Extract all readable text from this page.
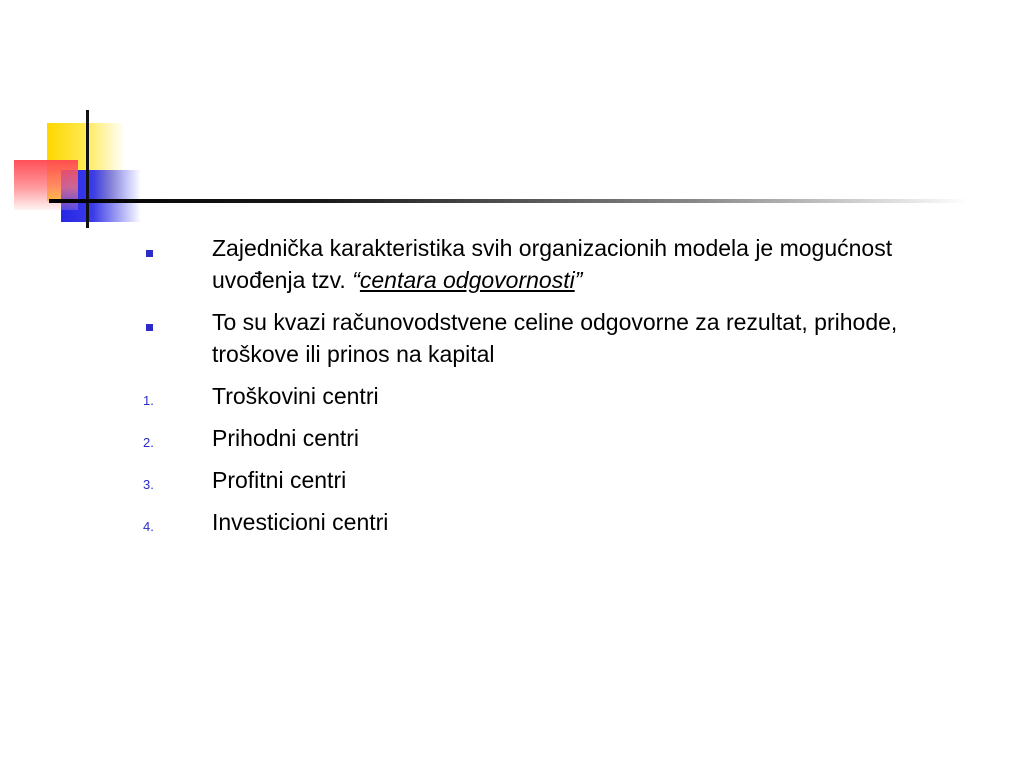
Zajednička karakteristika svih organizacionih modela je mogućnost uvođenja tzv. “centara odgovornosti”
To su kvazi računovodstvene celine odgovorne za rezultat, prihode, troškove ili prinos na kapital
1.	Troškovini centri
2.	Prihodni centri
3.	Profitni centri
4.	Investicioni centri
